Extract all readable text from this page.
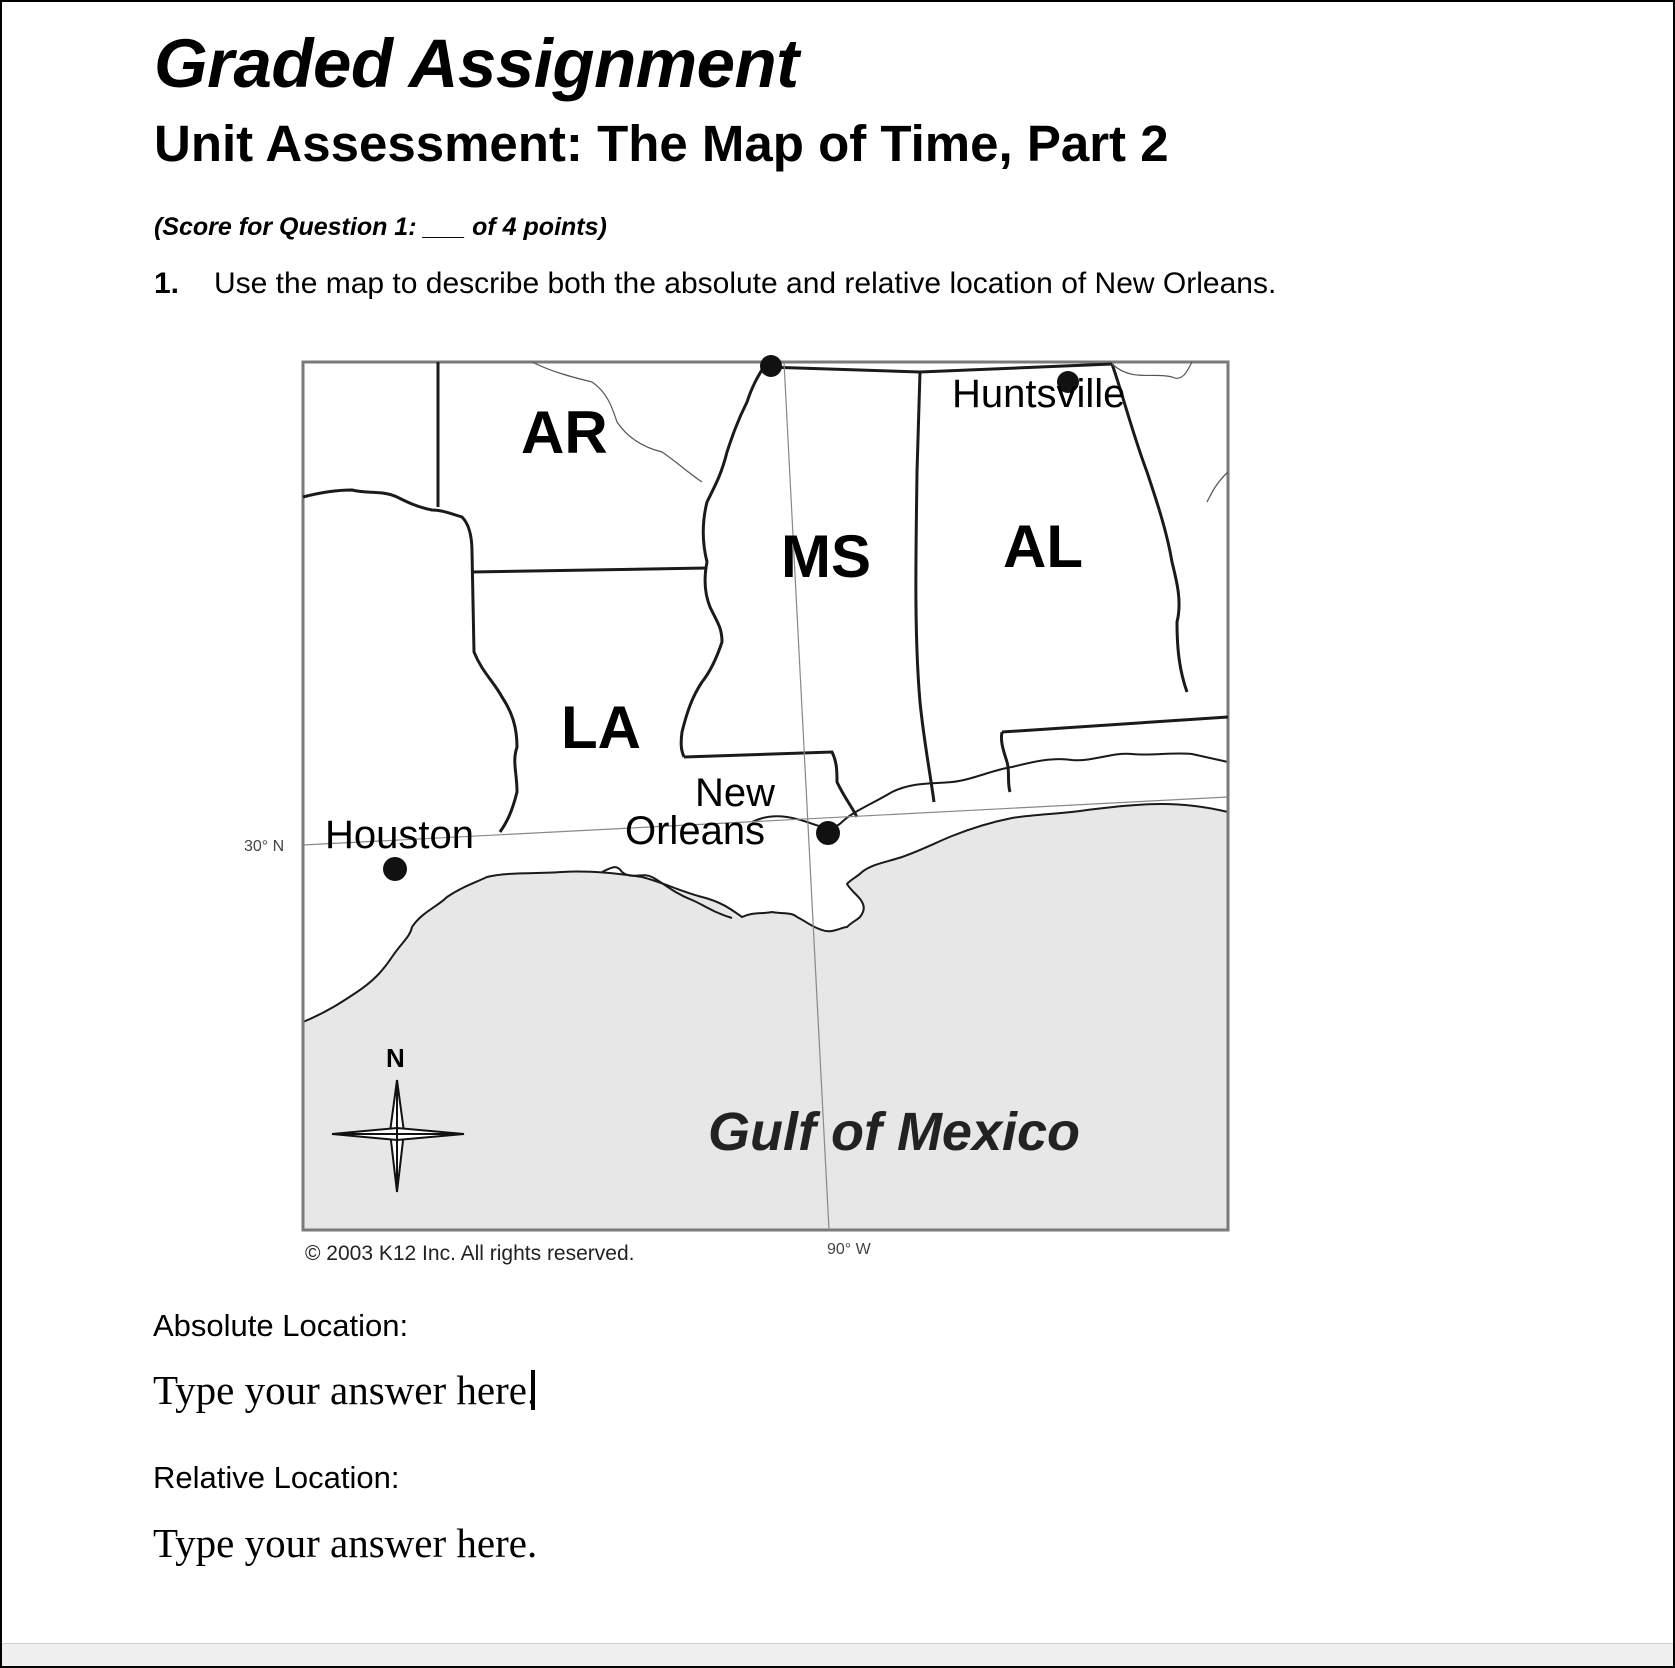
Graded Assignment
Unit Assessment: The Map of Time, Part 2
(Score for Question 1: ___ of 4 points)
1. Use the map to describe both the absolute and relative location of New Orleans.
AR
MS AL
LA
Huntsville
New
Orleans
Houston
Gulf of Mexico
N
30° N
90° W
© 2003 K12 Inc. All rights reserved.
Absolute Location:
Type your answer here.
Relative Location:
Type your answer here.
